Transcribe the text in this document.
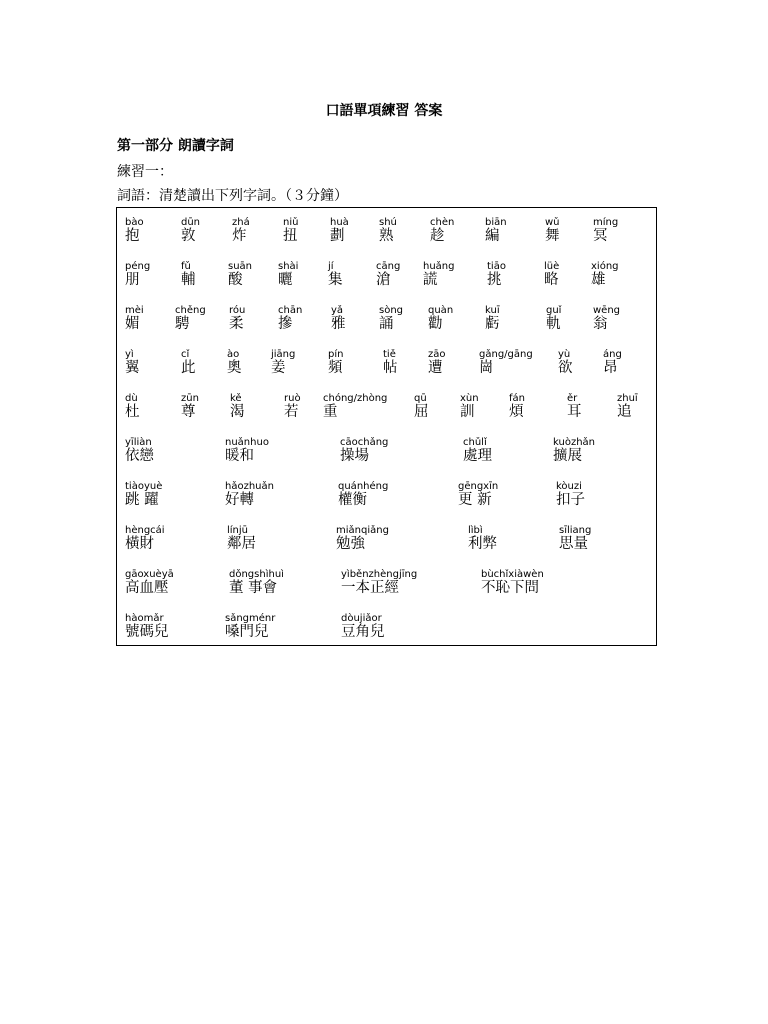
口語單項練習 答案
第一部分 朗讀字詞
練習一：
詞語：清楚讀出下列字詞。（３分鐘）
bào
抱
dūn
敦
zhá
炸
niǔ
扭
huà
劃
shú
熟
chèn
趁
biān
編
wǔ
舞
míng
冥
péng
朋
fǔ
輔
suān
酸
shài
曬
jí
集
cāng
滄
huǎng
謊
tiāo
挑
lüè
略
xióng
雄
mèi
媚
chěng
騁
róu
柔
chān
摻
yǎ
雅
sòng
誦
quàn
勸
kuī
虧
guǐ
軌
wēng
翁
yì
翼
cǐ
此
ào
奧
jiāng
姜
pín
頻
tiě
帖
zāo
遭
gǎng/gāng
崗
yù
欲
áng
昂
dù
杜
zūn
尊
kě
渴
ruò
若
chóng/zhòng
重
qū
屈
xùn
訓
fán
煩
ěr
耳
zhuī
追
yīliàn
依戀
nuǎnhuo
暖和
cāochǎng
操場
chǔlǐ
處理
kuòzhǎn
擴展
tiàoyuè
跳 躍
hǎozhuǎn
好轉
quánhéng
權衡
gēngxīn
更 新
kòuzi
扣子
hèngcái
橫財
línjū
鄰居
miǎnqiǎng
勉強
lìbì
利弊
sīliang
思量
gāoxuèyā
高血壓
dǒngshìhuì
董 事會
yìběnzhèngjīng
一本正經
bùchǐxiàwèn
不恥下問
hàomǎr
號碼兒
sǎngménr
嗓門兒
dòujiǎor
豆角兒
